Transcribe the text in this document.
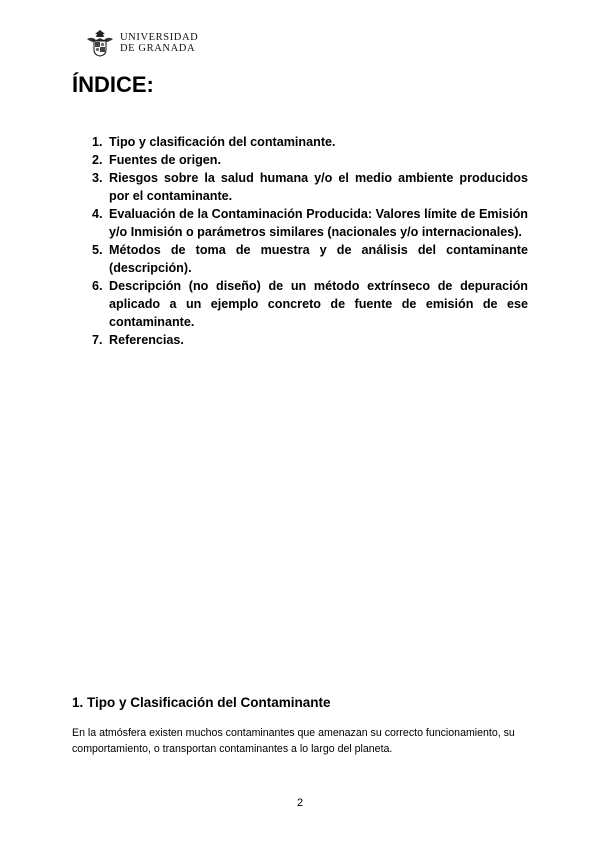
UNIVERSIDAD
DE GRANADA
ÍNDICE:
1. Tipo y clasificación del contaminante.
2. Fuentes de origen.
3. Riesgos sobre la salud humana y/o el medio ambiente producidos por el contaminante.
4. Evaluación de la Contaminación Producida: Valores límite de Emisión y/o Inmisión o parámetros similares (nacionales y/o internacionales).
5. Métodos de toma de muestra y de análisis del contaminante (descripción).
6. Descripción (no diseño) de un método extrínseco de depuración aplicado a un ejemplo concreto de fuente de emisión de ese contaminante.
7. Referencias.
1. Tipo y Clasificación del Contaminante

En la atmósfera existen muchos contaminantes que amenazan su correcto funcionamiento, su comportamiento, o transportan contaminantes a lo largo del planeta.

2
